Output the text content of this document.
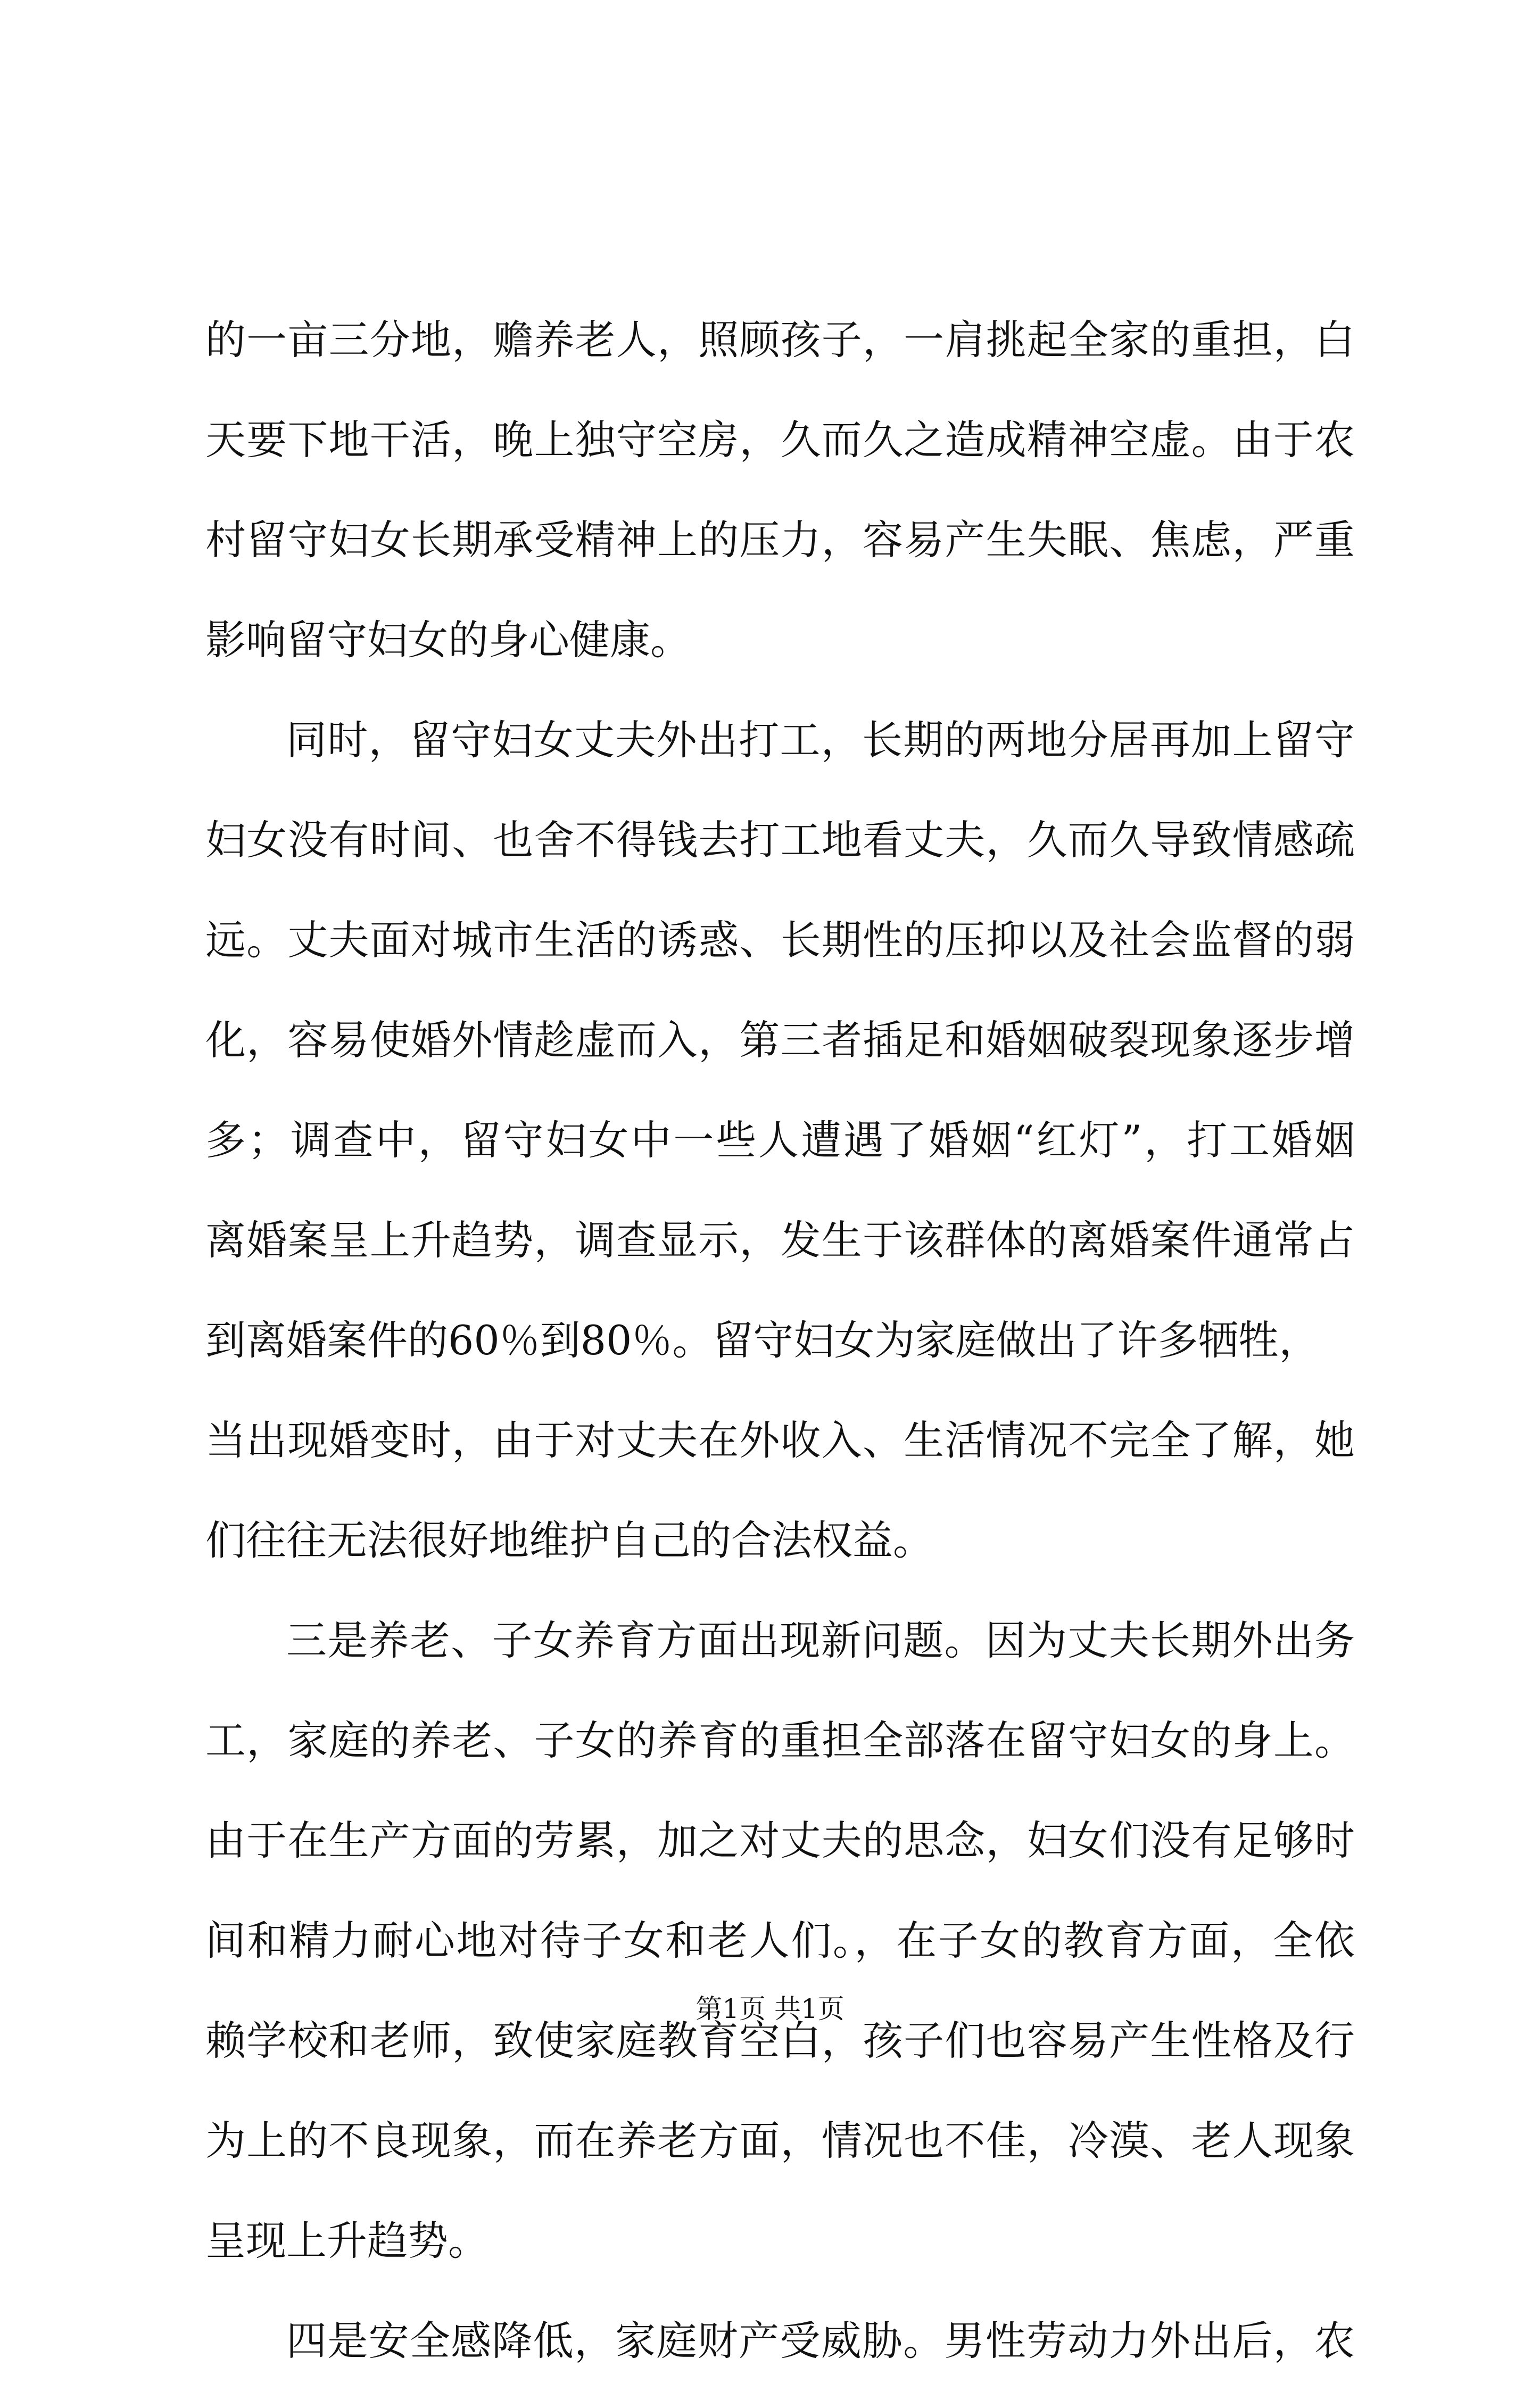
的一亩三分地，赡养老人，照顾孩子，一肩挑起全家的重担，白
天要下地干活，晚上独守空房，久而久之造成精神空虚。由于农
村留守妇女长期承受精神上的压力，容易产生失眠、焦虑，严重
影响留守妇女的身心健康。
同时，留守妇女丈夫外出打工，长期的两地分居再加上留守
妇女没有时间、也舍不得钱去打工地看丈夫，久而久导致情感疏
远。丈夫面对城市生活的诱惑、长期性的压抑以及社会监督的弱
化，容易使婚外情趁虚而入，第三者插足和婚姻破裂现象逐步增
多；调查中，留守妇女中一些人遭遇了婚姻“红灯”，打工婚姻
离婚案呈上升趋势，调查显示，发生于该群体的离婚案件通常占
到离婚案件的60％到80％。留守妇女为家庭做出了许多牺牲，
当出现婚变时，由于对丈夫在外收入、生活情况不完全了解，她
们往往无法很好地维护自己的合法权益。
三是养老、子女养育方面出现新问题。因为丈夫长期外出务
工，家庭的养老、子女的养育的重担全部落在留守妇女的身上。
由于在生产方面的劳累，加之对丈夫的思念，妇女们没有足够时
间和精力耐心地对待子女和老人们。，在子女的教育方面，全依
赖学校和老师，致使家庭教育空白，孩子们也容易产生性格及行
为上的不良现象，而在养老方面，情况也不佳，冷漠、老人现象
呈现上升趋势。
四是安全感降低，家庭财产受威胁。男性劳动力外出后，农
第1页 共1页
